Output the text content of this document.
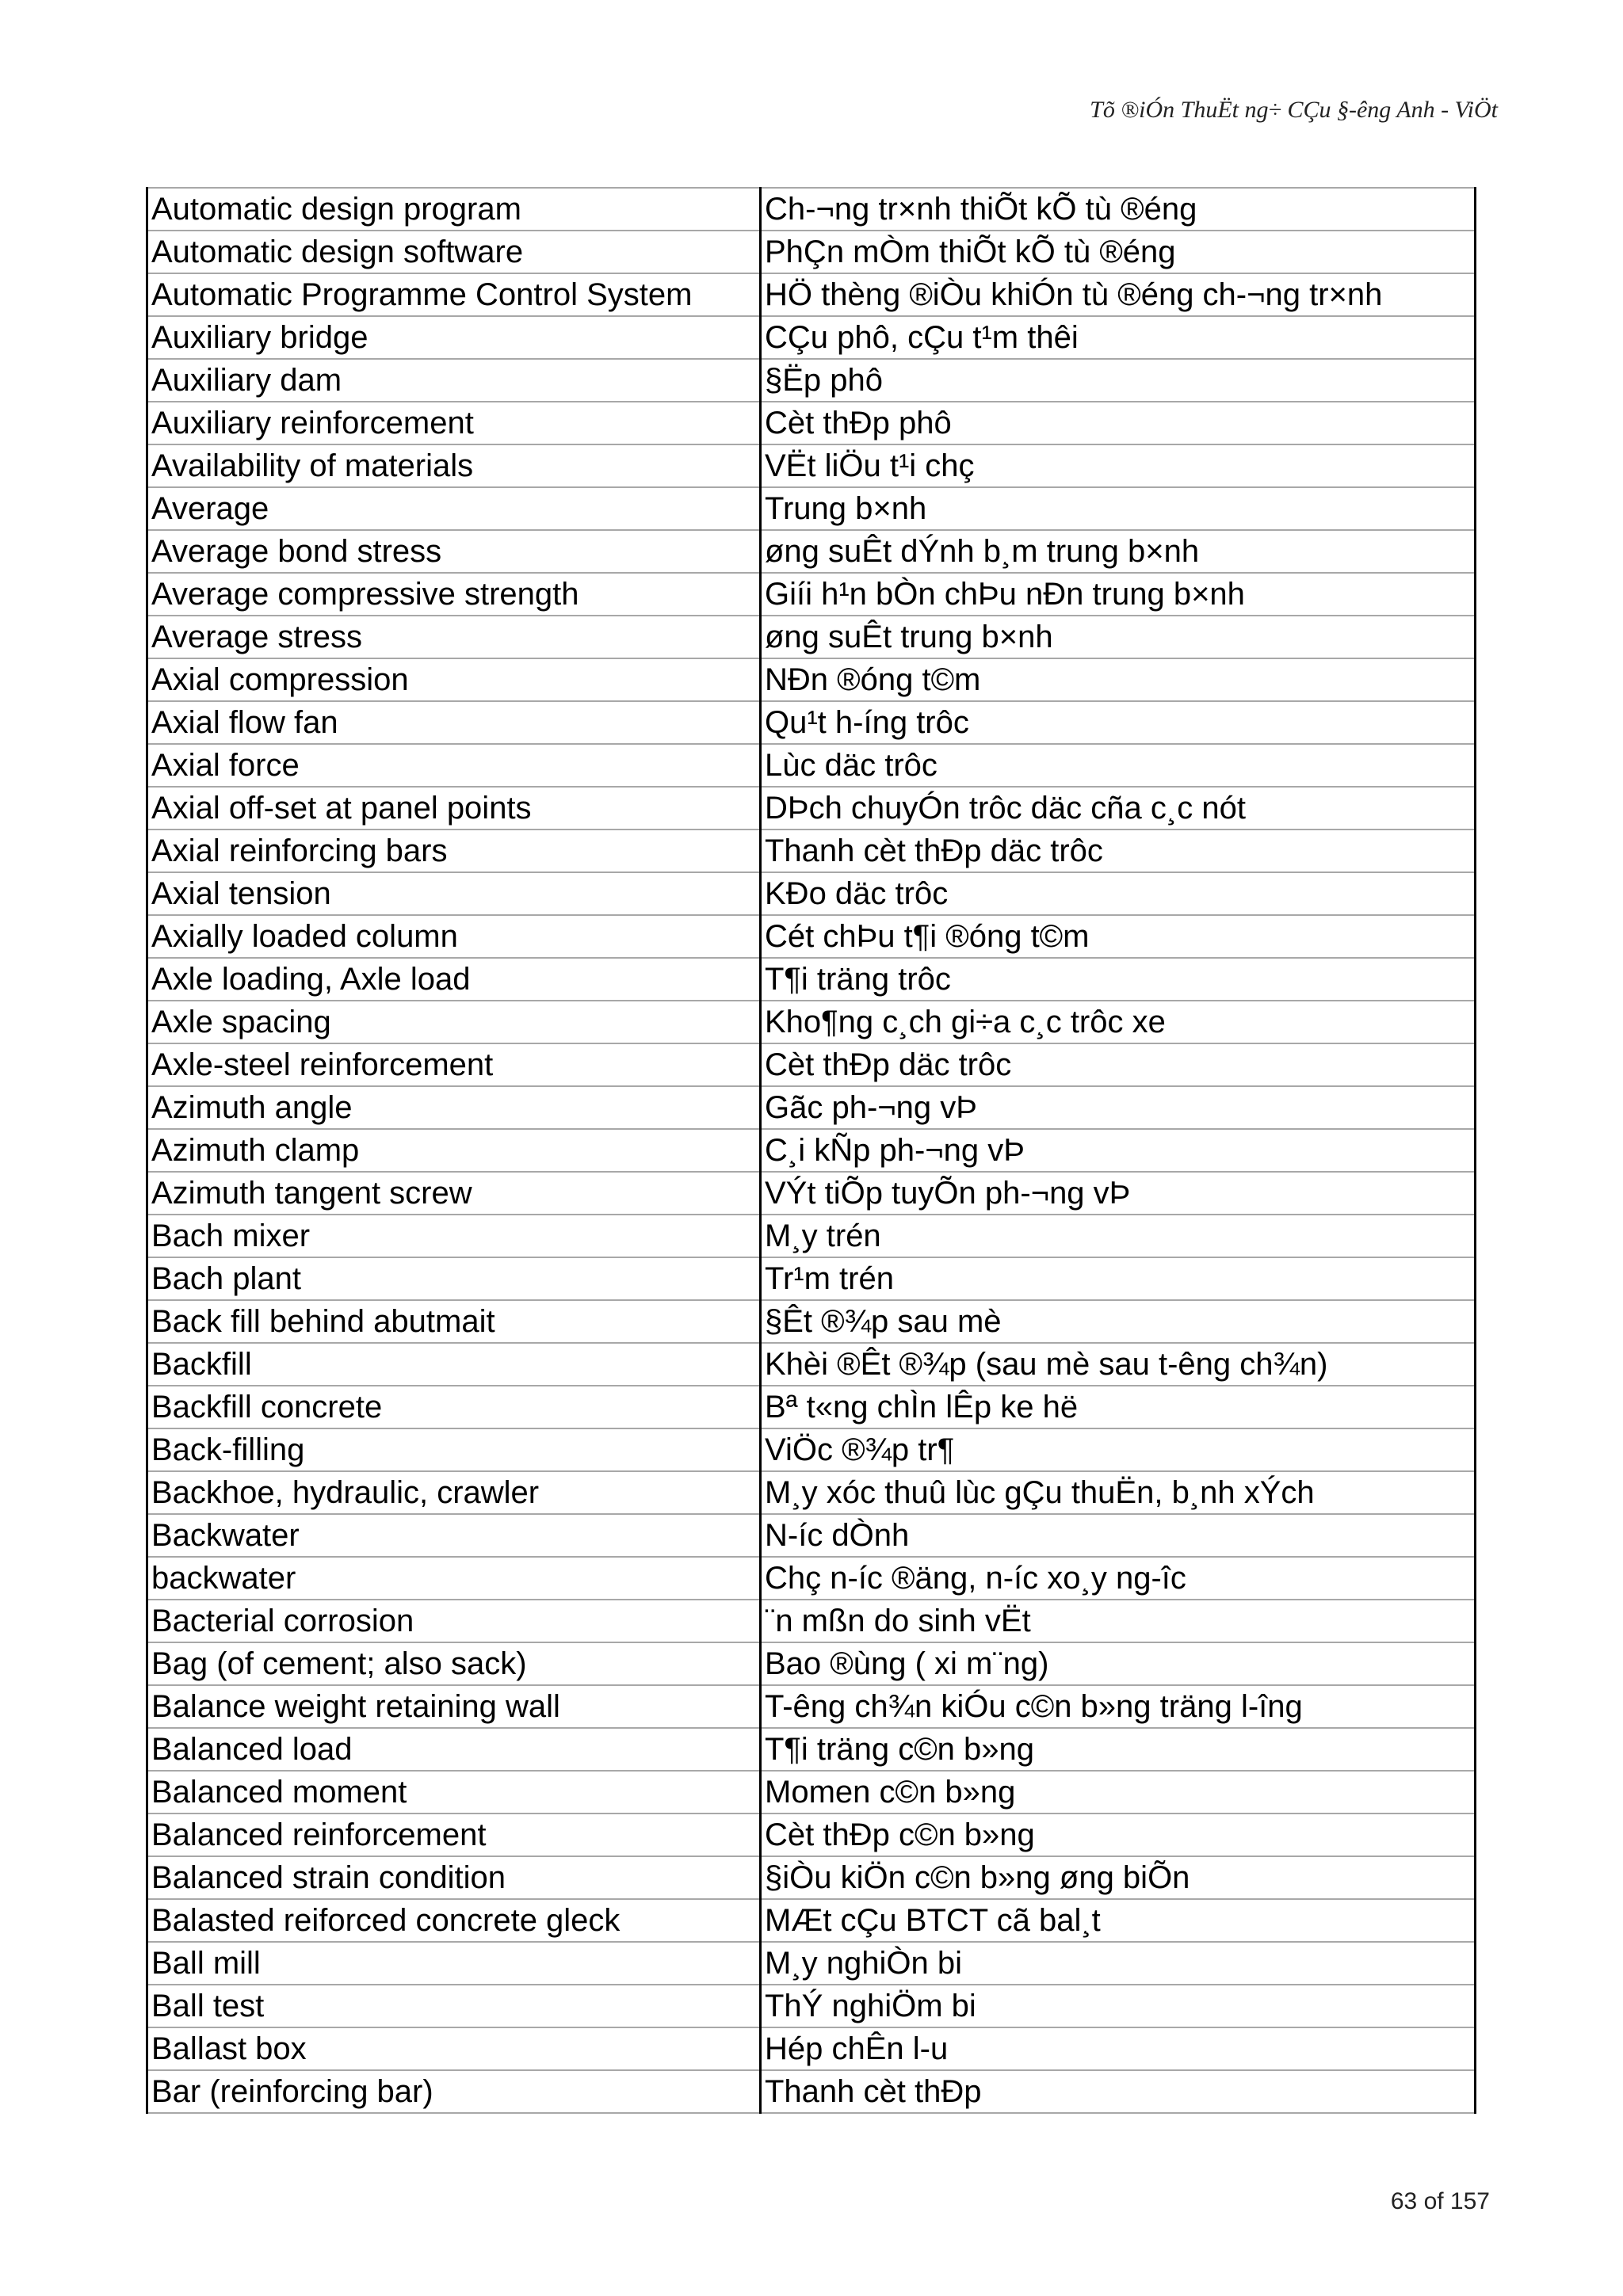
Tõ ®iÓn ThuËt ng÷ CÇu §-êng Anh - ViÖt
Automatic design program	Ch-¬ng tr×nh thiÕt kÕ tù ®éng
Automatic design software	PhÇn mÒm thiÕt kÕ tù ®éng
Automatic Programme Control System	HÖ thèng ®iÒu khiÓn tù ®éng ch-¬ng tr×nh
Auxiliary bridge	CÇu phô, cÇu t¹m thêi
Auxiliary dam	§Ëp phô
Auxiliary reinforcement	Cèt thÐp phô
Availability of materials	VËt liÖu t¹i chç
Average	Trung b×nh
Average bond stress	øng suÊt dÝnh b¸m trung b×nh
Average compressive strength	Giíi h¹n bÒn chÞu nÐn trung b×nh
Average stress	øng suÊt trung b×nh
Axial compression	NÐn ®óng t©m
Axial flow fan	Qu¹t h-íng trôc
Axial force	Lùc däc trôc
Axial off-set at panel points	DÞch chuyÓn trôc däc cña c¸c nót
Axial reinforcing bars	Thanh cèt thÐp däc trôc
Axial tension	KÐo däc trôc
Axially loaded column	Cét chÞu t¶i ®óng t©m
Axle loading, Axle load	T¶i träng trôc
Axle spacing	Kho¶ng c¸ch gi÷a c¸c trôc xe
Axle-steel reinforcement	Cèt thÐp däc trôc
Azimuth angle	Gãc ph-¬ng vÞ
Azimuth clamp	C¸i kÑp ph-¬ng vÞ
Azimuth tangent screw	VÝt tiÕp tuyÕn ph-¬ng vÞ
Bach mixer	M¸y trén
Bach plant	Tr¹m trén
Back fill behind abutmait	§Êt ®¾p sau mè
Backfill	Khèi ®Êt ®¾p (sau mè sau t-êng ch¾n)
Backfill concrete	Bª t«ng chÌn lÊp ke hë
Back-filling	ViÖc ®¾p tr¶
Backhoe, hydraulic, crawler	M¸y xóc thuû lùc gÇu thuËn, b¸nh xÝch
Backwater	N-íc dÒnh
backwater	Chç n-íc ®äng, n-íc xo¸y ng-îc
Bacterial corrosion	¨n mßn do sinh vËt
Bag (of cement; also sack)	Bao ®ùng ( xi m¨ng)
Balance weight retaining wall	T-êng ch¾n kiÓu c©n b»ng träng l-îng
Balanced load	T¶i träng c©n b»ng
Balanced moment	Momen c©n b»ng
Balanced reinforcement	Cèt thÐp c©n b»ng
Balanced strain condition	§iÒu kiÖn c©n b»ng øng biÕn
Balasted reiforced concrete gleck	MÆt cÇu BTCT cã bal¸t
Ball mill	M¸y nghiÒn bi
Ball test	ThÝ nghiÖm bi
Ballast box	Hép chÊn l-u
Bar (reinforcing bar)	Thanh cèt thÐp
63 of 157
